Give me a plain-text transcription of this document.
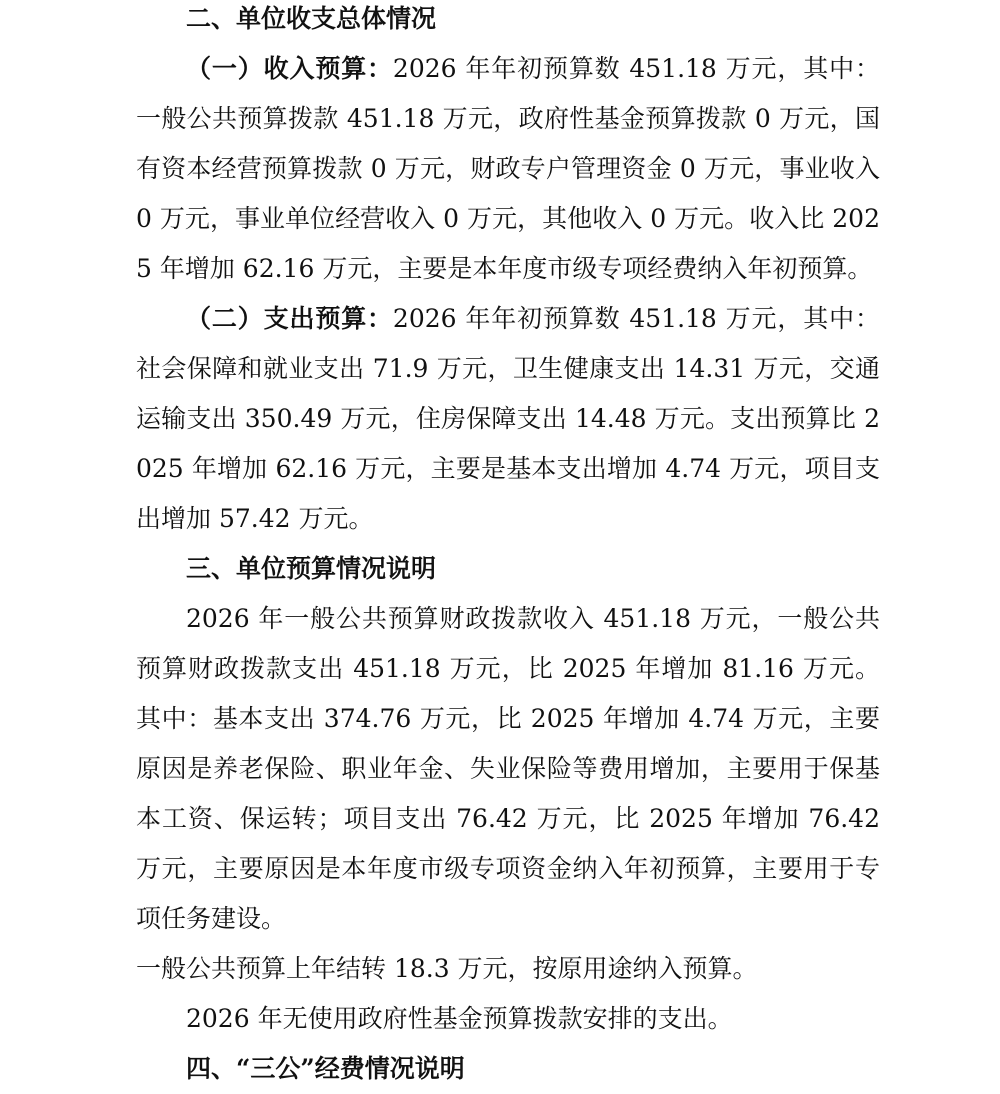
二、单位收支总体情况

（一）收入预算：2026 年年初预算数 451.18 万元，其中：一般公共预算拨款 451.18 万元，政府性基金预算拨款 0 万元，国有资本经营预算拨款 0 万元，财政专户管理资金 0 万元，事业收入 0 万元，事业单位经营收入 0 万元，其他收入 0 万元。收入比 2025 年增加 62.16 万元，主要是本年度市级专项经费纳入年初预算。

（二）支出预算：2026 年年初预算数 451.18 万元，其中：社会保障和就业支出 71.9 万元，卫生健康支出 14.31 万元，交通运输支出 350.49 万元，住房保障支出 14.48 万元。支出预算比 2025 年增加 62.16 万元，主要是基本支出增加 4.74 万元，项目支出增加 57.42 万元。

三、单位预算情况说明

2026 年一般公共预算财政拨款收入 451.18 万元，一般公共预算财政拨款支出 451.18 万元，比 2025 年增加 81.16 万元。其中：基本支出 374.76 万元，比 2025 年增加 4.74 万元，主要原因是养老保险、职业年金、失业保险等费用增加，主要用于保基本工资、保运转；项目支出 76.42 万元，比 2025 年增加 76.42 万元，主要原因是本年度市级专项资金纳入年初预算，主要用于专项任务建设。

一般公共预算上年结转 18.3 万元，按原用途纳入预算。

2026 年无使用政府性基金预算拨款安排的支出。

四、“三公”经费情况说明
